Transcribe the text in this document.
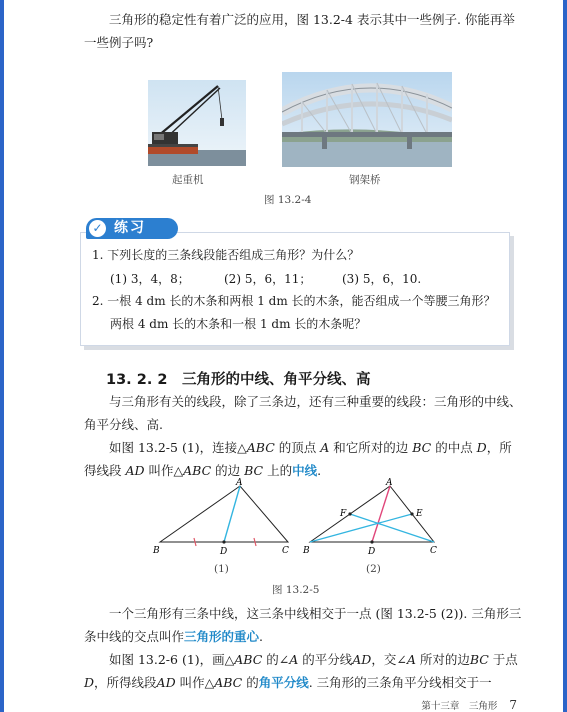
三角形的稳定性有着广泛的应用，图 13.2-4 表示其中一些例子. 你能再举一些例子吗?

起重机	钢架桥
图 13.2-4
✓ 练习
1. 下列长度的三条线段能否组成三角形？为什么？
(1) 3，4，8；	(2) 5，6，11；	(3) 5，6，10.
2. 一根 4 dm 长的木条和两根 1 dm 长的木条，能否组成一个等腰三角形？
两根 4 dm 长的木条和一根 1 dm 长的木条呢？
13. 2. 2　三角形的中线、角平分线、高

与三角形有关的线段，除了三条边，还有三种重要的线段：三角形的中线、角平分线、高.

如图 13.2-5 (1)，连接△ABC 的顶点 A 和它所对的边 BC 的中点 D，所得线段 AD 叫作△ABC 的边 BC 上的中线.

A
B	C
D
(1)
A
B	C
D
E
F
(2)
图 13.2-5

一个三角形有三条中线，这三条中线相交于一点 (图 13.2-5 (2)). 三角形三条中线的交点叫作三角形的重心.

如图 13.2-6 (1)，画△ABC 的∠A 的平分线AD，交∠A 所对的边BC 于点D，所得线段AD 叫作△ABC 的角平分线. 三角形的三条角平分线相交于一

第十三章　三角形 7
